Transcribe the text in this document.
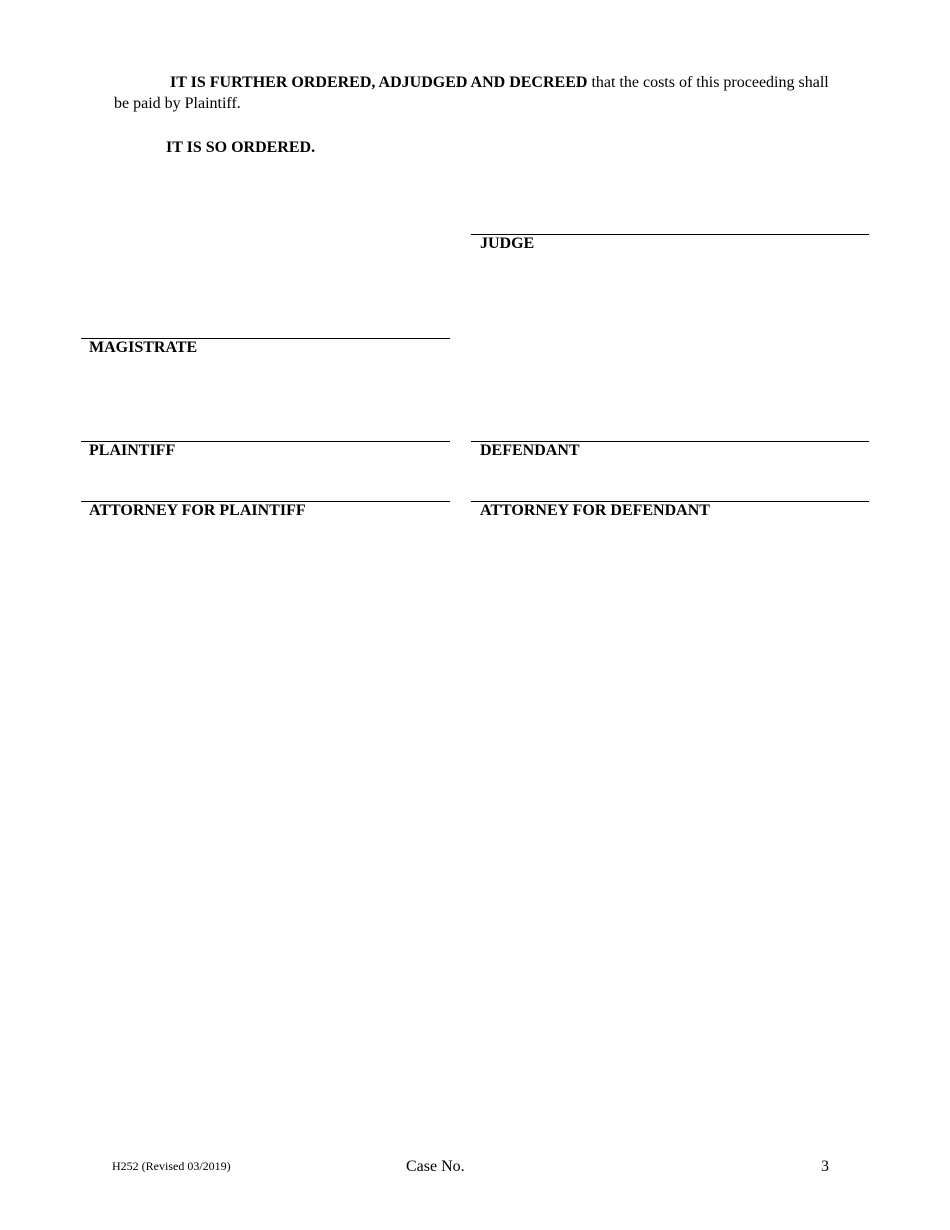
IT IS FURTHER ORDERED, ADJUDGED AND DECREED that the costs of this proceeding shall be paid by Plaintiff.

IT IS SO ORDERED.

JUDGE
MAGISTRATE
PLAINTIFF	DEFENDANT
ATTORNEY FOR PLAINTIFF	ATTORNEY FOR DEFENDANT
H252 (Revised 03/2019)	Case No.	3
